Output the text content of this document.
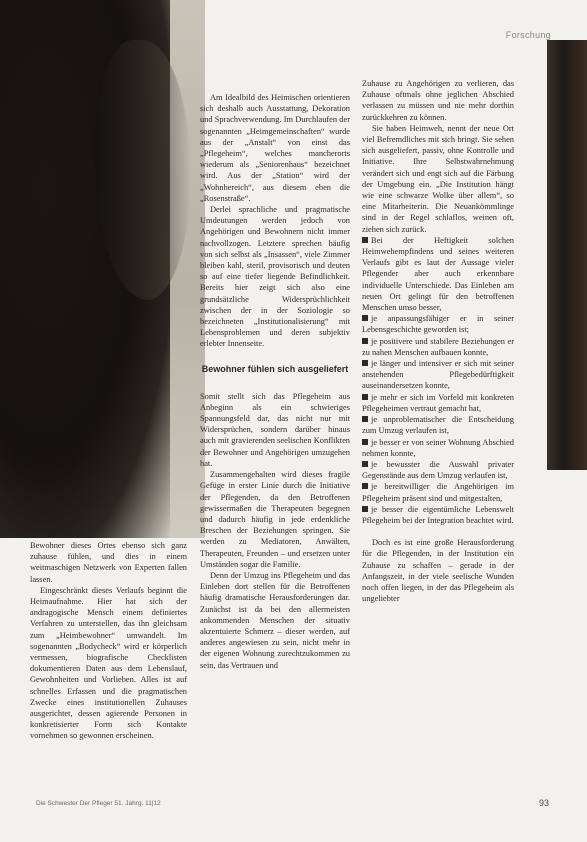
Forschung

Bewohner dieses Ortes ebenso sich ganz zuhause fühlen, und dies in einem weitmaschigen Netzwerk von Experten fallen lassen.

Eingeschränkt dieses Verlaufs beginnt die Heimaufnahme. Hier hat sich der andragogische Mensch einem definiertes Verfahren zu unterstellen, das ihn gleichsam zum „Heimbewohner“ umwandelt. Im sogenannten „Bodycheck“ wird er körperlich vermessen, biografische Checklisten dokumentieren Daten aus dem Lebenslauf, Gewohnheiten und Vorlieben. Alles ist auf schnelles Erfassen und die pragmatischen Zwecke eines institutionellen Zuhauses ausgerichtet, dessen agierende Personen in konkretisierter Form sich Kontakte vornehmen so gewonnen erscheinen.

Am Idealbild des Heimischen orientieren sich deshalb auch Ausstattung, Dekoration und Sprachverwendung. Im Durchlaufen der sogenannten „Heimgemeinschaften“ wurde aus der „Anstalt“ von einst das „Pflegeheim“, welches mancherorts wiederum als „Seniorenhaus“ bezeichnet wird. Aus der „Station“ wird der „Wohnbereich“, aus diesem eben die „Rosenstraße“.

Derlei sprachliche und pragmatische Umdeutungen werden jedoch von Angehörigen und Bewohnern nicht immer nachvollzogen. Letztere sprechen häufig von sich selbst als „Insassen“, viele Zimmer bleiben kahl, steril, provisorisch und deuten so auf eine tiefer liegende Befindlichkeit. Bereits hier zeigt sich also eine grundsätzliche Widersprüchlichkeit zwischen der in der Soziologie so bezeichneten „Institutionalisierung“ mit Lebensproblemen und deren subjektiv erlebter Innenseite.

Bewohner fühlen sich ausgeliefert

Somit stellt sich das Pflegeheim aus Anbeginn als ein schwieriges Spannungsfeld dar, das nicht nur mit Widersprüchen, sondern darüber hinaus auch mit gravierenden seelischen Konflikten der Bewohner und Angehörigen umzugehen hat.

Zusammengehalten wird dieses fragile Gefüge in erster Linie durch die Initiative der Pflegenden, da den Betroffenen gewissermaßen die Therapeuten begegnen und dadurch häufig in jede erdenkliche Breschen der Beziehungen springen. Sie werden zu Mediatoren, Anwälten, Therapeuten, Freunden – und ersetzen unter Umständen sogar die Familie.

Denn der Umzug ins Pflegeheim und das Einleben dort stellen für die Betroffenen häufig dramatische Herausforderungen dar. Zunächst ist da bei den allermeisten ankommenden Menschen der situativ akzentuierte Schmerz – dieser werden, auf anderes angewiesen zu sein, nicht mehr in der eigenen Wohnung zurechtzukommen zu sein, das Vertrauen und

Zuhause zu Angehörigen zu verlieren, das Zuhause oftmals ohne jeglichen Abschied verlassen zu müssen und nie mehr dorthin zurückkehren zu können.

Sie haben Heimweh, nennt der neue Ort viel Befremdliches mit sich bringt. Sie sehen sich ausgeliefert, passiv, ohne Kontrolle und Initiative. Ihre Selbstwahrnehmung verändert sich und engt sich auf die Färbung der Umgebung ein. „Die Institution hängt wie eine schwarze Wolke über allem“, so eine Mitarbeiterin. Die Neuankömmlinge sind in der Regel schlaflos, weinen oft, ziehen sich zurück.

Bei der Heftigkeit solchen Heimwehempfindens und seines weiteren Verlaufs gibt es laut der Aussage vieler Pflegender aber auch erkennbare individuelle Unterschiede. Das Einleben am neuen Ort gelingt für den betroffenen Menschen umso besser,

je anpassungsfähiger er in seiner Lebensgeschichte geworden ist;

je positivere und stabilere Beziehungen er zu nahen Menschen aufbauen konnte,

je länger und intensiver er sich mit seiner anstehenden Pflegebedürftigkeit auseinandersetzen konnte,

je mehr er sich im Vorfeld mit konkreten Pflegeheimen vertraut gemacht hat,

je unproblematischer die Entscheidung zum Umzug verlaufen ist,

je besser er von seiner Wohnung Abschied nehmen konnte,

je bewusster die Auswahl privater Gegenstände aus dem Umzug verlaufen ist,

je bereitwilliger die Angehörigen im Pflegeheim präsent sind und mitgestalten,

je besser die eigentümliche Lebenswelt Pflegeheim bei der Integration beachtet wird.

Doch es ist eine große Herausforderung für die Pflegenden, in der Institution ein Zuhause zu schaffen – gerade in der Anfangszeit, in der viele seelische Wunden noch offen liegen, in der das Pflegeheim als ungeliebter

Die Schwester Der Pfleger 51. Jahrg. 11|12	93
